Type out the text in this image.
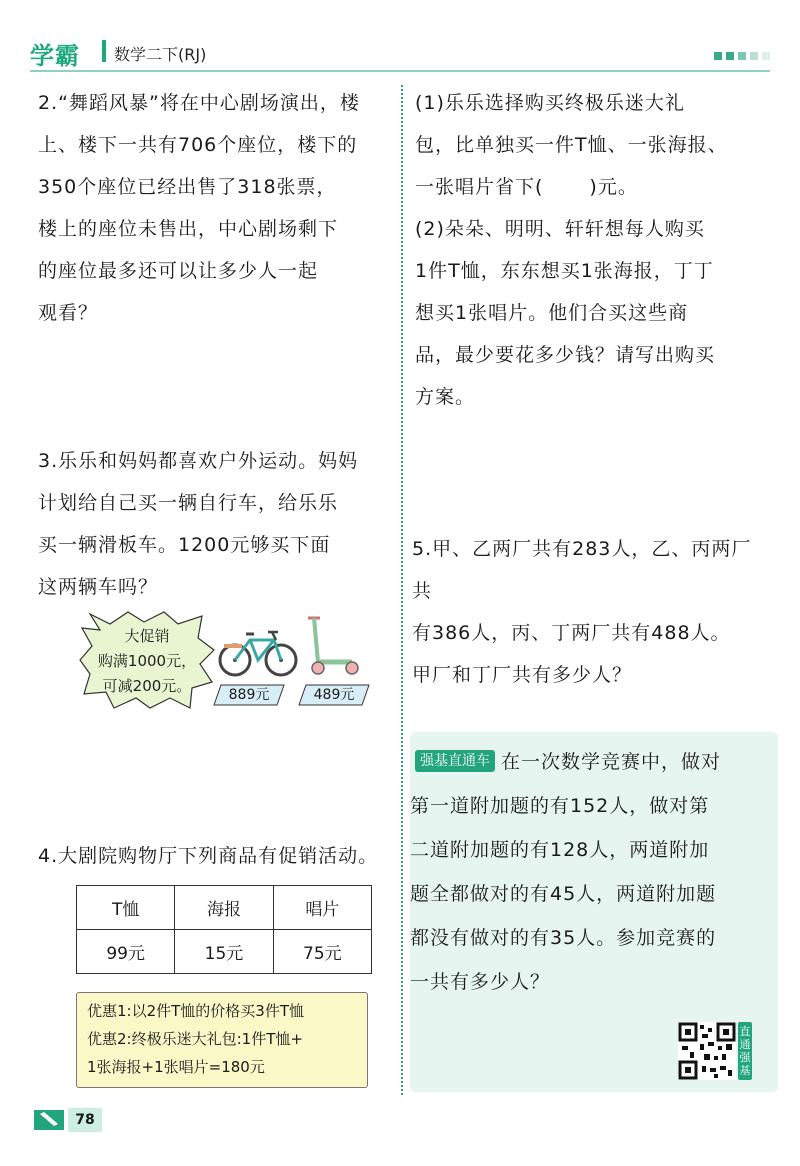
学霸 数学二下(RJ)

2.“舞蹈风暴”将在中心剧场演出，楼

上、楼下一共有706个座位，楼下的

350个座位已经出售了318张票，

楼上的座位未售出，中心剧场剩下

的座位最多还可以让多少人一起

观看？

3.乐乐和妈妈都喜欢户外运动。妈妈

计划给自己买一辆自行车，给乐乐

买一辆滑板车。1200元够买下面

这两辆车吗？

大促销
购满1000元，
可减200元。	889元	489元

4.大剧院购物厅下列商品有促销活动。

T恤	海报	唱片
99元	15元	75元

优惠1:以2件T恤的价格买3件T恤

优惠2:终极乐迷大礼包:1件T恤+

1张海报+1张唱片=180元

(1)乐乐选择购买终极乐迷大礼

包，比单独买一件T恤、一张海报、

一张唱片省下( )元。

(2)朵朵、明明、轩轩想每人购买

1件T恤，东东想买1张海报，丁丁

想买1张唱片。他们合买这些商

品，最少要花多少钱？请写出购买

方案。

5.甲、乙两厂共有283人，乙、丙两厂共

有386人，丙、丁两厂共有488人。

甲厂和丁厂共有多少人？

强基直通车 在一次数学竞赛中，做对

第一道附加题的有152人，做对第

二道附加题的有128人，两道附加

题全都做对的有45人，两道附加题

都没有做对的有35人。参加竞赛的

一共有多少人？

直通强基
78
